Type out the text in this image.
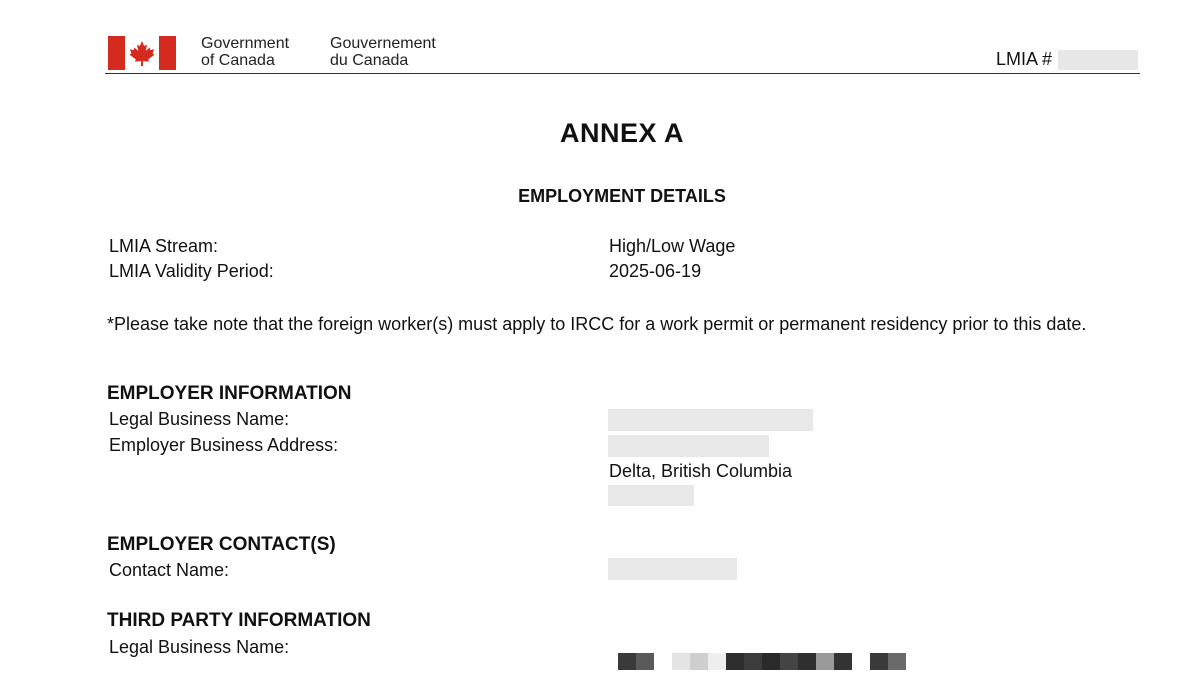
Government
of Canada
Gouvernement
du Canada	LMIA #
ANNEX A
EMPLOYMENT DETAILS
LMIA Stream:	High/Low Wage
LMIA Validity Period:	2025-06-19
*Please take note that the foreign worker(s) must apply to IRCC for a work permit or permanent residency prior to this date.
EMPLOYER INFORMATION
Legal Business Name:
Employer Business Address:
Delta, British Columbia
EMPLOYER CONTACT(S)
Contact Name:
THIRD PARTY INFORMATION
Legal Business Name:
